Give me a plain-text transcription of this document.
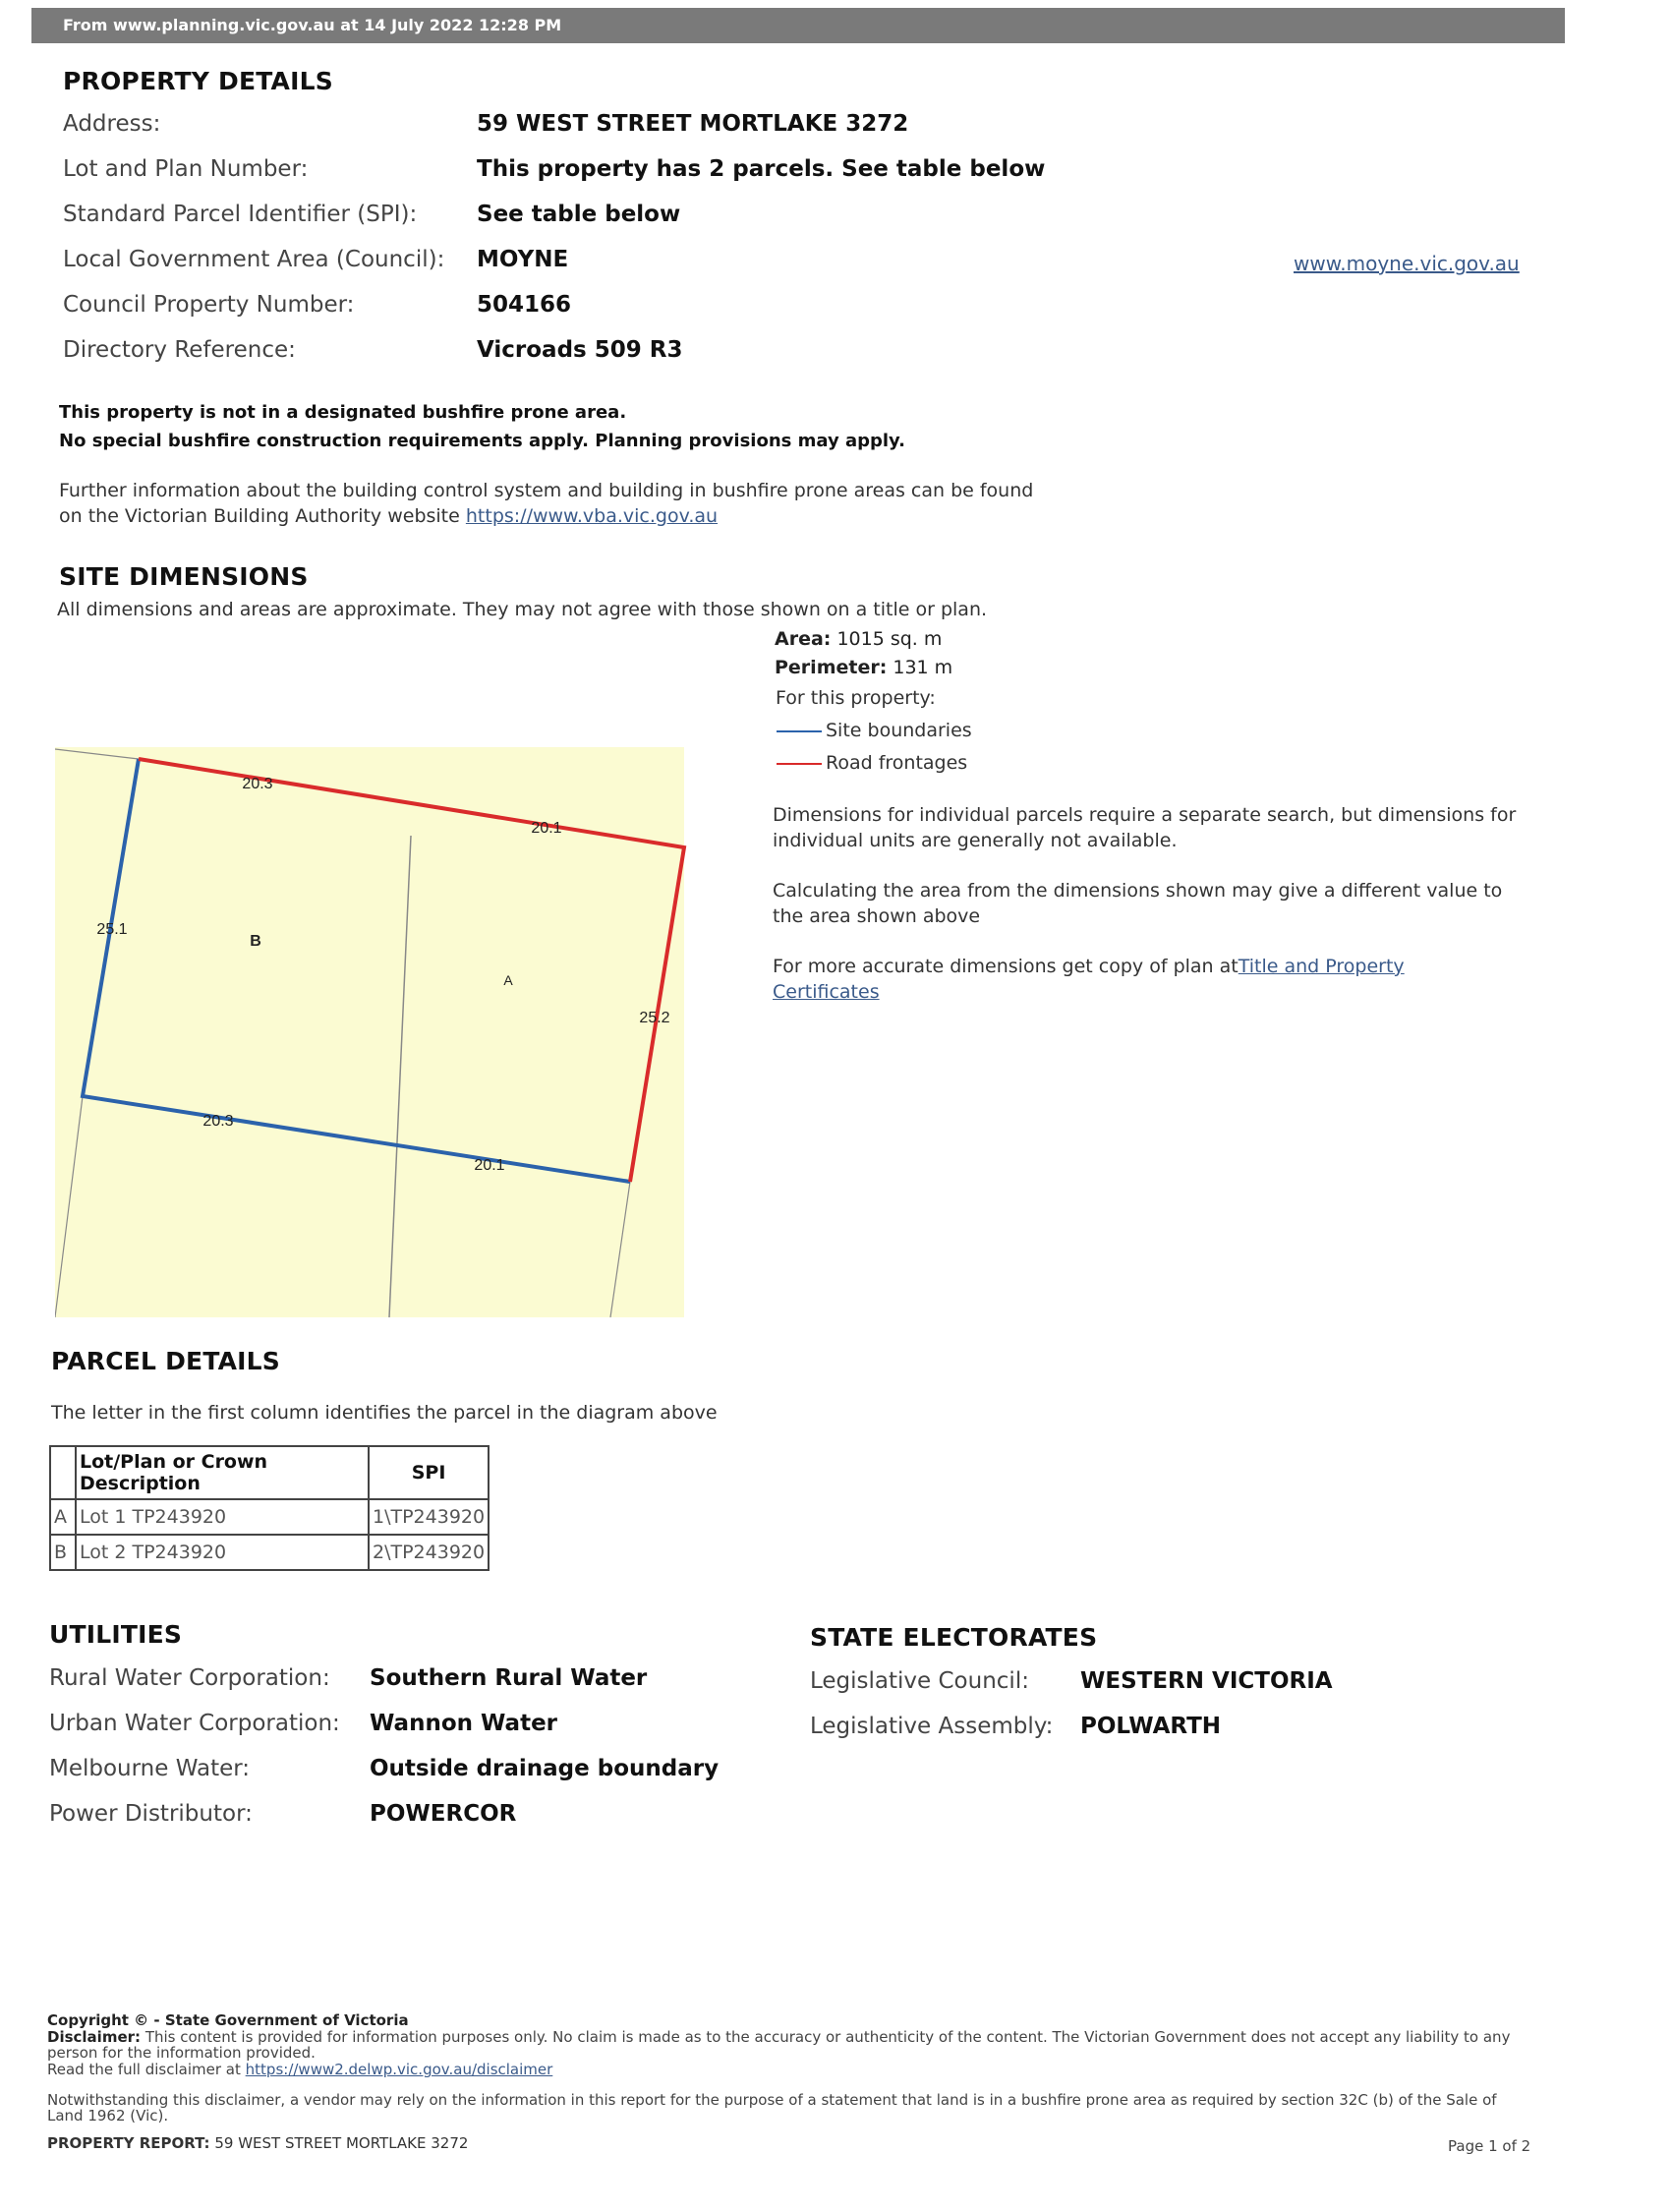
From www.planning.vic.gov.au at 14 July 2022 12:28 PM
PROPERTY DETAILS
Address:	59 WEST STREET MORTLAKE 3272
Lot and Plan Number:	This property has 2 parcels. See table below
Standard Parcel Identifier (SPI):	See table below
Local Government Area (Council): MOYNE	www.moyne.vic.gov.au
Council Property Number:	504166
Directory Reference:	Vicroads 509 R3
This property is not in a designated bushfire prone area.
No special bushfire construction requirements apply. Planning provisions may apply.
Further information about the building control system and building in bushfire prone areas can be found
on the Victorian Building Authority website https://www.vba.vic.gov.au
SITE DIMENSIONS
All dimensions and areas are approximate. They may not agree with those shown on a title or plan.
20.3
20.1
25.1
25.2
20.3
20.1
B
A
Area: 1015 sq. m
Perimeter: 131 m
For this property:
Site boundaries
Road frontages
Dimensions for individual parcels require a separate search, but dimensions for individual units are generally not available.
Calculating the area from the dimensions shown may give a different value to the area shown above
For more accurate dimensions get copy of plan atTitle and Property Certificates
PARCEL DETAILS
The letter in the first column identifies the parcel in the diagram above
	Lot/Plan or Crown Description	SPI
A	Lot 1 TP243920	1\TP243920
B	Lot 2 TP243920	2\TP243920
UTILITIES
Rural Water Corporation: Southern Rural Water
Urban Water Corporation: Wannon Water
Melbourne Water:	Outside drainage boundary
Power Distributor:	POWERCOR
STATE ELECTORATES
Legislative Council: WESTERN VICTORIA
Legislative Assembly: POLWARTH
Copyright © - State Government of Victoria
Disclaimer: This content is provided for information purposes only. No claim is made as to the accuracy or authenticity of the content. The Victorian Government does not accept any liability to any person for the information provided.
Read the full disclaimer at https://www2.delwp.vic.gov.au/disclaimer
Notwithstanding this disclaimer, a vendor may rely on the information in this report for the purpose of a statement that land is in a bushfire prone area as required by section 32C (b) of the Sale of Land 1962 (Vic).
PROPERTY REPORT: 59 WEST STREET MORTLAKE 3272	Page 1 of 2
